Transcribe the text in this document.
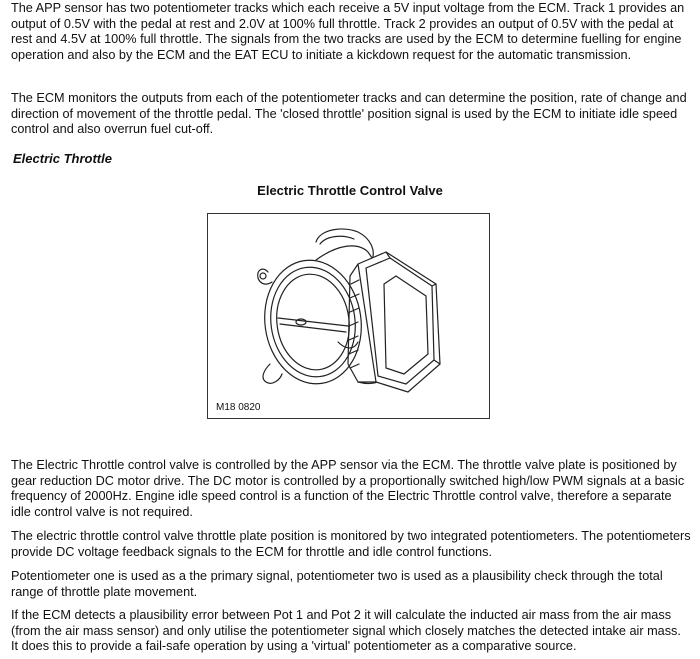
The APP sensor has two potentiometer tracks which each receive a 5V input voltage from the ECM. Track 1 provides an output of 0.5V with the pedal at rest and 2.0V at 100% full throttle. Track 2 provides an output of 0.5V with the pedal at rest and 4.5V at 100% full throttle. The signals from the two tracks are used by the ECM to determine fuelling for engine operation and also by the ECM and the EAT ECU to initiate a kickdown request for the automatic transmission.

The ECM monitors the outputs from each of the potentiometer tracks and can determine the position, rate of change and direction of movement of the throttle pedal. The 'closed throttle' position signal is used by the ECM to initiate idle speed control and also overrun fuel cut-off.

Electric Throttle

Electric Throttle Control Valve

M18 0820

The Electric Throttle control valve is controlled by the APP sensor via the ECM. The throttle valve plate is positioned by gear reduction DC motor drive. The DC motor is controlled by a proportionally switched high/low PWM signals at a basic frequency of 2000Hz. Engine idle speed control is a function of the Electric Throttle control valve, therefore a separate idle control valve is not required.

The electric throttle control valve throttle plate position is monitored by two integrated potentiometers. The potentiometers provide DC voltage feedback signals to the ECM for throttle and idle control functions.

Potentiometer one is used as a the primary signal, potentiometer two is used as a plausibility check through the total range of throttle plate movement.

If the ECM detects a plausibility error between Pot 1 and Pot 2 it will calculate the inducted air mass from the air mass (from the air mass sensor) and only utilise the potentiometer signal which closely matches the detected intake air mass. It does this to provide a fail-safe operation by using a 'virtual' potentiometer as a comparative source.
